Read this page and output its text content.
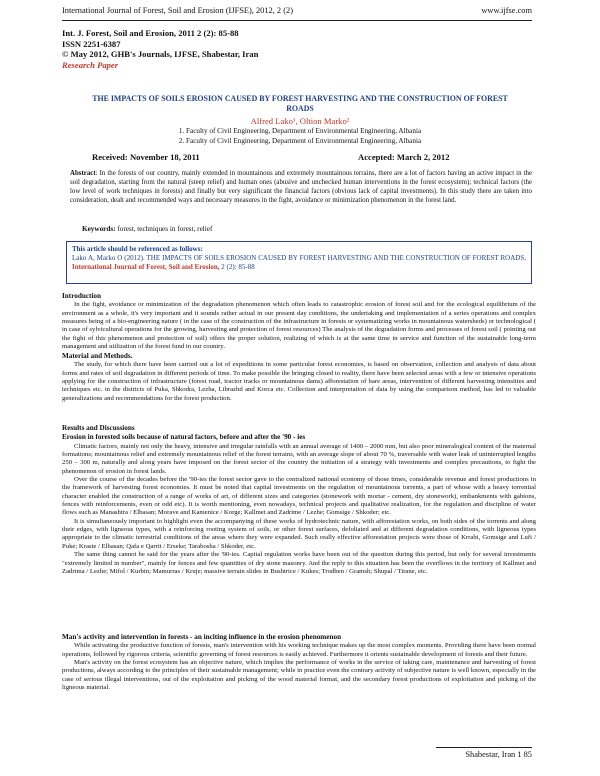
International Journal of Forest, Soil and Erosion (IJFSE), 2012, 2 (2)	www.ijfse.com
Int. J. Forest, Soil and Erosion, 2011 2 (2): 85-88
ISSN 2251-6387
© May 2012, GHB's Journals, IJFSE, Shabestar, Iran
Research Paper
THE IMPACTS OF SOILS EROSION CAUSED BY FOREST HARVESTING AND THE CONSTRUCTION OF FOREST ROADS
Alfred Lako¹, Oltion Marko²
1. Faculty of Civil Engineering, Department of Environmental Engineering, Albania
2. Faculty of Civil Engineering, Department of Environmental Engineering, Albania
Received: November 18, 2011	Accepted: March 2, 2012
Abstract: In the forests of our country, mainly extended in mountainous and extremely mountainous terrains, there are a lot of factors having an active impact in the soil degradation, starting from the natural (steep relief) and human ones (abusive and unchecked human interventions in the forest ecosystem); technical factors (the low level of work techniques in forests) and finally but very significant the financial factors (obvious lack of capital investments). In this study there are taken into consideration, dealt and recommended ways and necessary measures in the fight, avoidance or minimization phenomenon in the forest land.
Keywords: forest, techniques in forest, relief
This article should be referenced as follows:
Lako A, Marko O (2012). THE IMPACTS OF SOILS EROSION CAUSED BY FOREST HARVESTING AND THE CONSTRUCTION OF FOREST ROADS, International Journal of Forest, Soil and Erosion, 2 (2): 85-88
Introduction

In the fight, avoidance or minimization of the degradation phenomenon which often leads to catastrophic erosion of forest soil and for the ecological equilibrium of the environment as a whole, it's very important and it sounds rather actual in our present day conditions, the undertaking and implementation of a series operations and complex measures being of a bio-engineering nature ( in the case of the construction of the infrastructure in forests or systematizing works in mountainous watersheds) or technological ( in case of sylvicultural operations for the growing, harvesting and protection of forest resources) The analysis of the degradation forms and processes of forest soil ( pointing out the fight of this phenomenon and protection of soil) offers the proper solution, realizing of which is at the same time in service and function of the sustainable long-term management and utilization of the forest fund in our country.

Material and Methods.

The study, for which there have been carried out a lot of expeditions in some particular forest economies, is based on observation, collection and analysis of data about forms and rates of soil degradation in different periods of time. To make possible the bringing closed to reality, there have been selected areas with a few or intensive operations applying for the construction of infrastructure (forest road, tractor tracks or mountainous dams) afforestation of bare areas, intervention of different harvesting intensities and techniques etc. in the districts of Puka, Shkodra, Lezha, Librazhd and Korca etc. Collection and interpretation of data by using the comparison method, has led to valuable generalizations and recommendations for the forest production.

Results and Discussions
Erosion in forested soils because of natural factors, before and after the '90 - ies

Climatic factors, mainly not only the heavy, intensive and irregular rainfalls with an annual average of 1400 – 2000 mm, but also poor mineralogical content of the maternal formations; mountainous relief and extremely mountainous relief of the forest terrains, with an average slope of about 70 %, traversable with water leak of uninterrupted lengths 250 – 300 m, naturally and along years have imposed on the forest sector of the country the initiation of a strategy with investments and complex precautions, to fight the phenomenon of erosion in forest lands.

Over the course of the decades before the '90-ies the forest sector gave to the centralized national economy of those times, considerable revenue and forest productions in the framework of harvesting forest economies. It must be noted that capital investments on the regulation of mountainous torrents, a part of whose with a heavy torrential character enabled the construction of a range of works of art, of different sizes and categories (stonework with mortar - cement, dry stonework), embankments with gabions, fences with reinforcements, even or odd etc). It is worth mentioning, even nowadays, technical projects and qualitative realization, for the regulation and discipline of water flows such as Manashtra / Elbasan; Morave and Kamenice / Korge; Kallmet and Zadrime / Lezhe; Gomsige / Shkoder; etc.

It is simultaneously important to highlight even the accompanying of these works of hydrotechnic nature, with afforestation works, on both sides of the torrents and along their edges, with ligneous types, with a reinforcing rooting system of soils, or other forest surfaces, defoliated and at different degradation conditions, with ligneous types appropriate to the climatic terrestrial conditions of the areas where they were expanded. Such really effective afforestation projects were those of Krrabi, Gomsige and Lufi / Puke; Kraste / Elbasan; Qafa e Qarrit / Erseke; Tarabosha / Shkoder, etc.

The same thing cannot be said for the years after the '90-ies. Capital regulation works have been out of the question during this period, but only for several investments "extremely limited in number", mainly for fences and few quantities of dry stone masonry. And the reply to this situation has been the overflows in the territory of Kallmet and Zadrima / Lezhe; Mifol / Kurbin; Mamurras / Kruje; massive terrain slides in Bushtrice / Kukes; Trodhen / Gramsh; Shupal / Tirane, etc.

Man's activity and intervention in forests - an inciting influence in the erosion phenomenon

While activating the productive function of forests, man's intervention with his working technique makes up the most complex moments. Providing there have been normal operations, followed by rigorous criteria, scientific governing of forest resources is easily achieved. Furthermore it orients sustainable development of forests and their future.

Man's activity on the forest ecosystem has an objective nature, which implies the performance of works in the service of taking care, maintenance and harvesting of forest productions, always according to the principles of their sustainable management; while in practice even the contrary activity of subjective nature is well known, especially in the case of serious illegal interventions, out of the exploitation and picking of the wood material format, and the secondary forest productions of exploitation and picking of the ligneous material.

Shabestar, Iran 1 85
